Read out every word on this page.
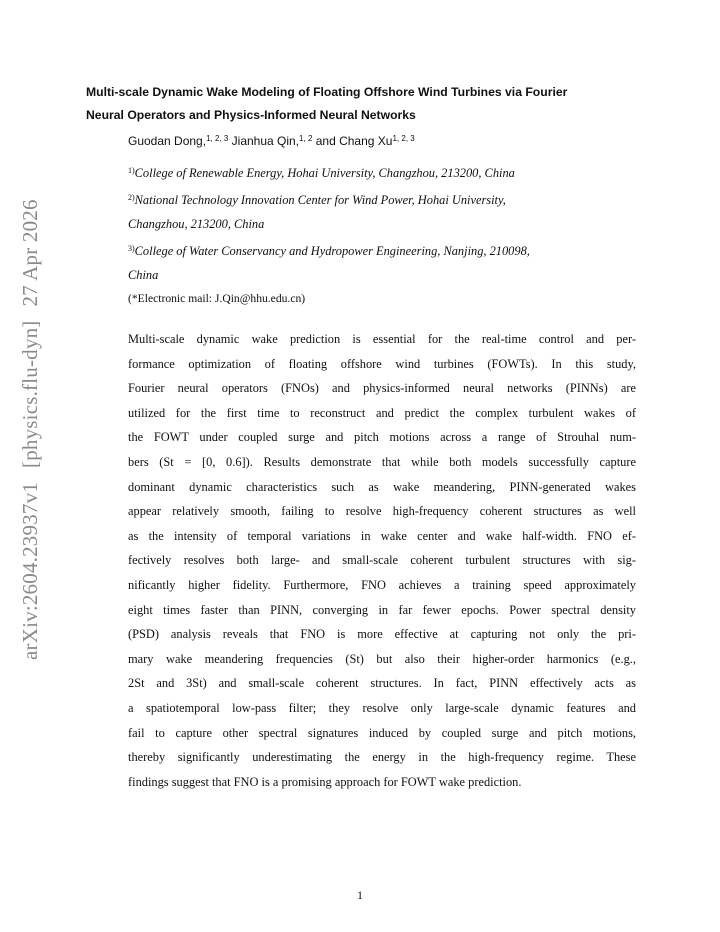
arXiv:2604.23937v1[physics.flu-dyn]27 Apr 2026
Multi-scale Dynamic Wake Modeling of Floating Offshore Wind Turbines via Fourier
Neural Operators and Physics-Informed Neural Networks
Guodan Dong,$^{1, 2, 3}$ Jianhua Qin,$^{1, 2}$ and Chang Xu$^{1, 2, 3}$
$^{1)}$College of Renewable Energy, Hohai University, Changzhou, 213200, China
$^{2)}$National Technology Innovation Center for Wind Power, Hohai University,
Changzhou, 213200, China
$^{3)}$College of Water Conservancy and Hydropower Engineering, Nanjing, 210098,
China
(*Electronic mail: J.Qin@hhu.edu.cn)
Multi-scale dynamic wake prediction is essential for the real-time control and per-
formance optimization of floating offshore wind turbines (FOWTs). In this study,
Fourier neural operators (FNOs) and physics-informed neural networks (PINNs) are
utilized for the first time to reconstruct and predict the complex turbulent wakes of
the FOWT under coupled surge and pitch motions across a range of Strouhal num-
bers (St = [0, 0.6]). Results demonstrate that while both models successfully capture
dominant dynamic characteristics such as wake meandering, PINN-generated wakes
appear relatively smooth, failing to resolve high-frequency coherent structures as well
as the intensity of temporal variations in wake center and wake half-width. FNO ef-
fectively resolves both large- and small-scale coherent turbulent structures with sig-
nificantly higher fidelity. Furthermore, FNO achieves a training speed approximately
eight times faster than PINN, converging in far fewer epochs. Power spectral density
(PSD) analysis reveals that FNO is more effective at capturing not only the pri-
mary wake meandering frequencies (St) but also their higher-order harmonics (e.g.,
2St and 3St) and small-scale coherent structures. In fact, PINN effectively acts as
a spatiotemporal low-pass filter; they resolve only large-scale dynamic features and
fail to capture other spectral signatures induced by coupled surge and pitch motions,
thereby significantly underestimating the energy in the high-frequency regime. These
findings suggest that FNO is a promising approach for FOWT wake prediction.
1
